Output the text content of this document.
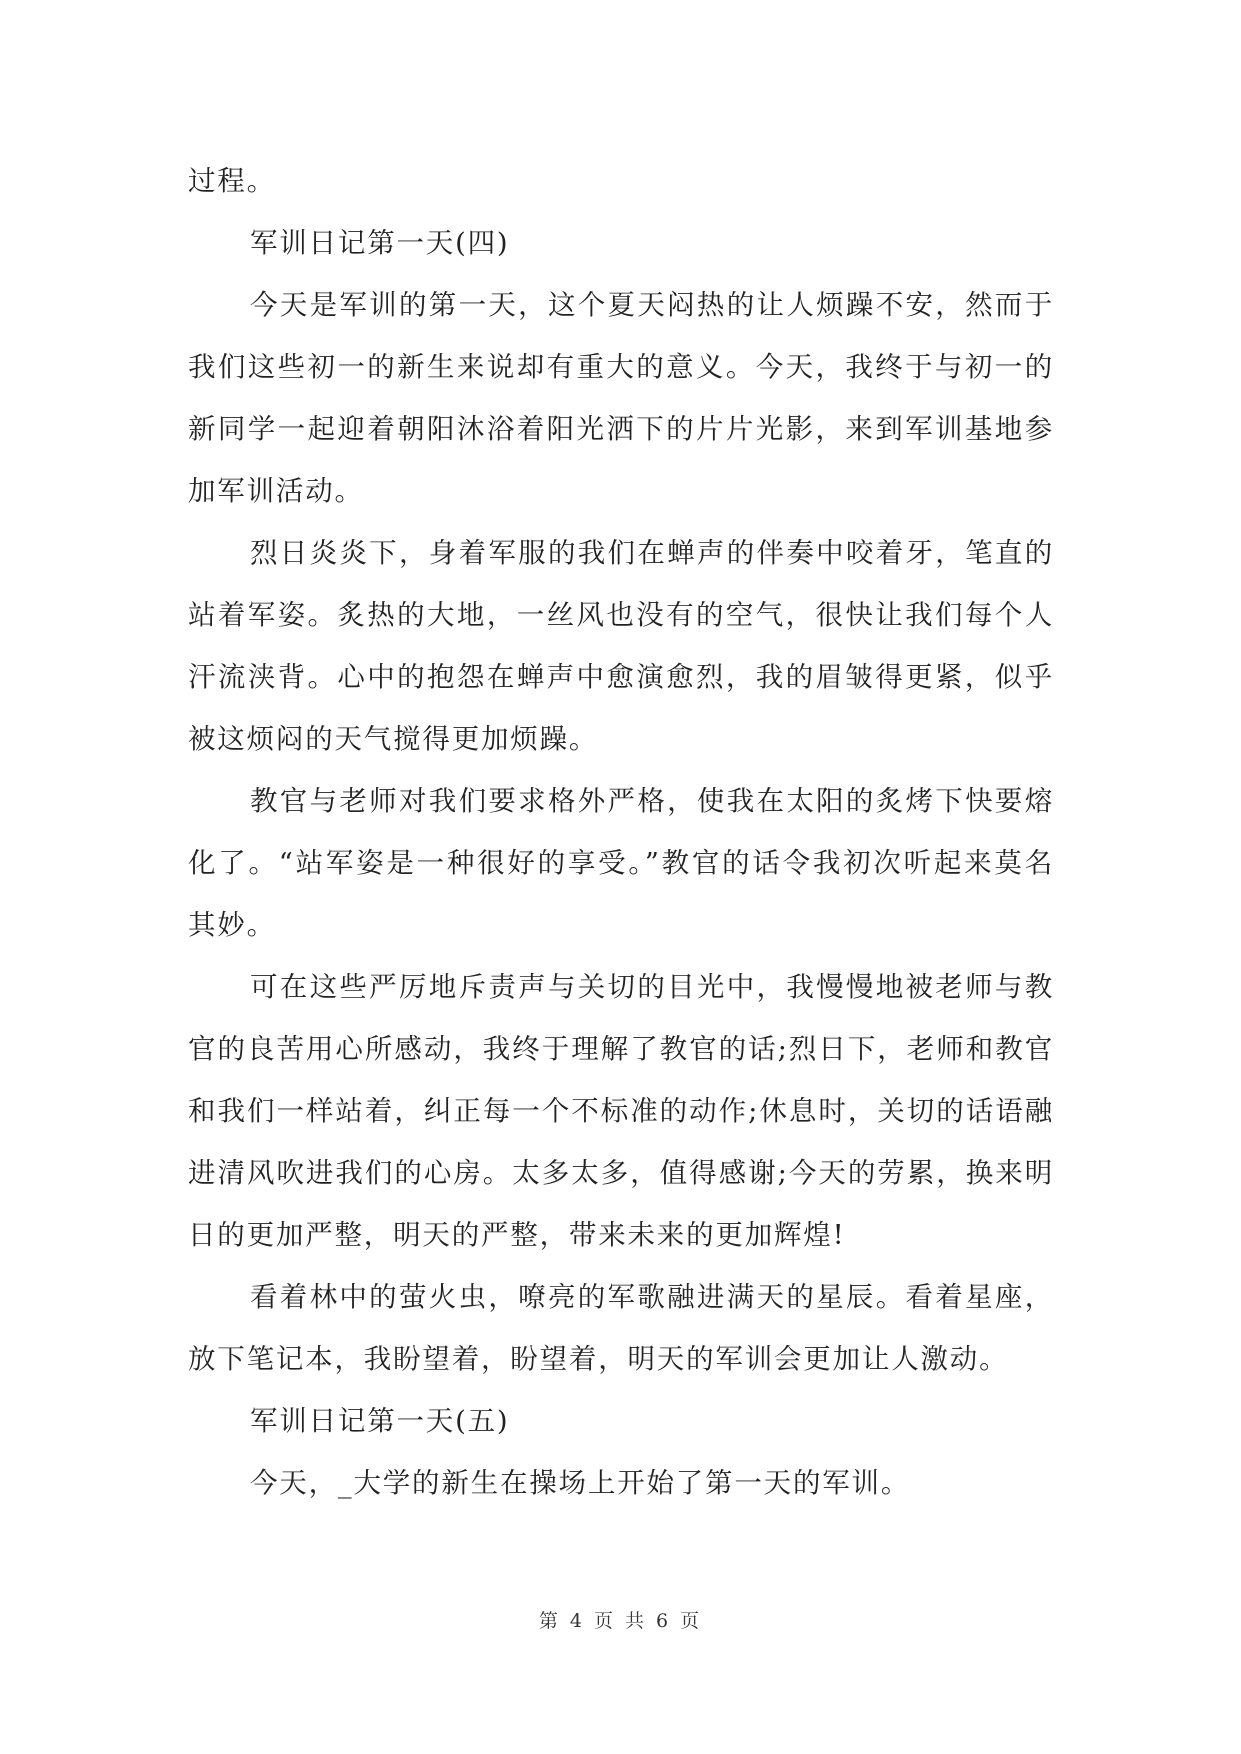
过程。

军训日记第一天(四)

今天是军训的第一天，这个夏天闷热的让人烦躁不安，然而于我们这些初一的新生来说却有重大的意义。今天，我终于与初一的新同学一起迎着朝阳沐浴着阳光洒下的片片光影，来到军训基地参加军训活动。

烈日炎炎下，身着军服的我们在蝉声的伴奏中咬着牙，笔直的站着军姿。炙热的大地，一丝风也没有的空气，很快让我们每个人汗流浃背。心中的抱怨在蝉声中愈演愈烈，我的眉皱得更紧，似乎被这烦闷的天气搅得更加烦躁。

教官与老师对我们要求格外严格，使我在太阳的炙烤下快要熔化了。“站军姿是一种很好的享受。”教官的话令我初次听起来莫名其妙。

可在这些严厉地斥责声与关切的目光中，我慢慢地被老师与教官的良苦用心所感动，我终于理解了教官的话;烈日下，老师和教官和我们一样站着，纠正每一个不标准的动作;休息时，关切的话语融进清风吹进我们的心房。太多太多，值得感谢;今天的劳累，换来明日的更加严整，明天的严整，带来未来的更加辉煌!

看着林中的萤火虫，嘹亮的军歌融进满天的星辰。看着星座，放下笔记本，我盼望着，盼望着，明天的军训会更加让人激动。

军训日记第一天(五)

今天，_大学的新生在操场上开始了第一天的军训。

第 4 页 共 6 页
